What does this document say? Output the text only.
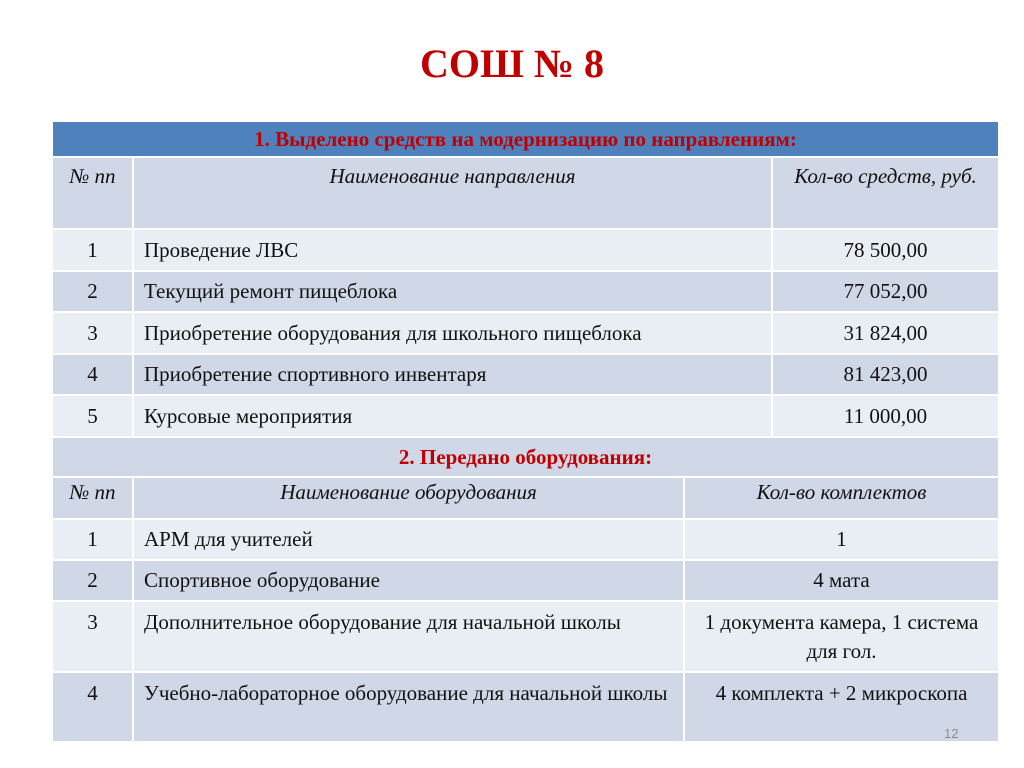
СОШ № 8
1. Выделено средств на модернизацию по направлениям:			
№ пп	Наименование направления		Кол-во средств, руб.
1	Проведение ЛВС		78 500,00
2	Текущий ремонт пищеблока		77 052,00
3	Приобретение оборудования для школьного пищеблока		31 824,00
4	Приобретение спортивного инвентаря		81 423,00
5	Курсовые мероприятия		11 000,00
2. Передано оборудования:			
№ пп	Наименование оборудования	Кол-во комплектов	
1	АРМ для учителей	1	
2	Спортивное оборудование	4 мата	
3	Дополнительное оборудование для начальной школы	1 документа камера, 1 система для гол.	
4	Учебно-лабораторное оборудование для начальной школы	4 комплекта + 2 микроскопа	
12
